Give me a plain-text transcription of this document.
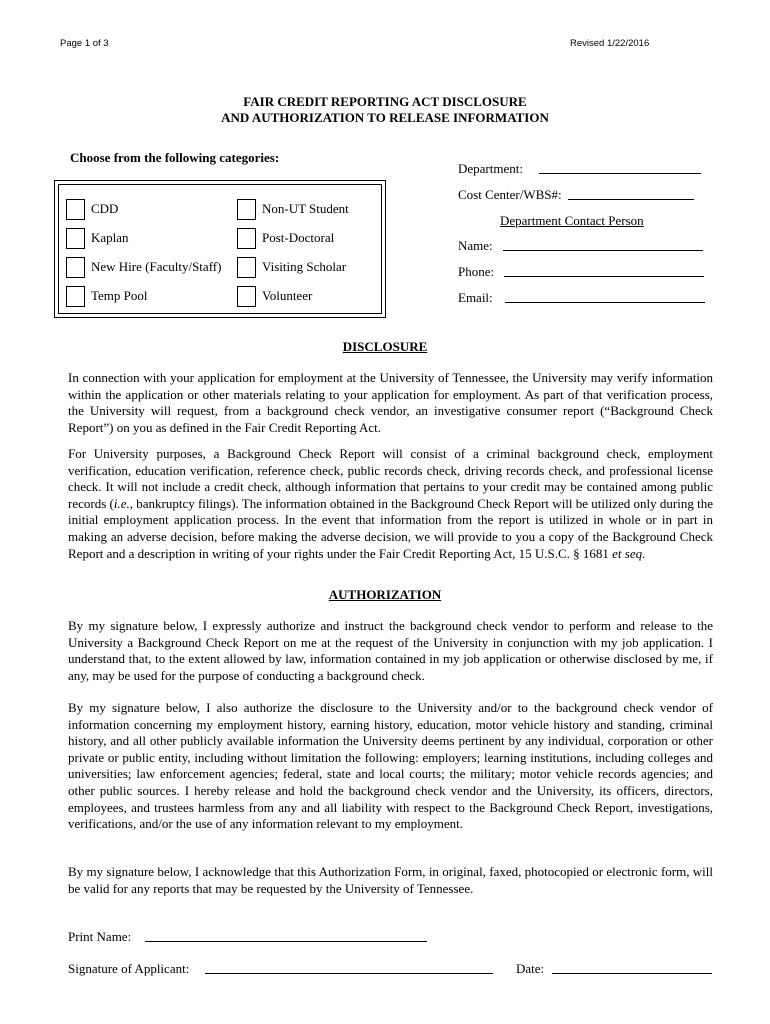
Page 1 of 3	Revised 1/22/2016
FAIR CREDIT REPORTING ACT DISCLOSURE
AND AUTHORIZATION TO RELEASE INFORMATION
Choose from the following categories:
CDD
Kaplan
New Hire (Faculty/Staff)
Temp Pool
Non-UT Student
Post-Doctoral
Visiting Scholar
Volunteer
Department:
Cost Center/WBS#:
Department Contact Person
Name:
Phone:
Email:
DISCLOSURE

In connection with your application for employment at the University of Tennessee, the University may verify information within the application or other materials relating to your application for employment. As part of that verification process, the University will request, from a background check vendor, an investigative consumer report (“Background Check Report”) on you as defined in the Fair Credit Reporting Act.

For University purposes, a Background Check Report will consist of a criminal background check, employment verification, education verification, reference check, public records check, driving records check, and professional license check. It will not include a credit check, although information that pertains to your credit may be contained among public records (i.e., bankruptcy filings). The information obtained in the Background Check Report will be utilized only during the initial employment application process. In the event that information from the report is utilized in whole or in part in making an adverse decision, before making the adverse decision, we will provide to you a copy of the Background Check Report and a description in writing of your rights under the Fair Credit Reporting Act, 15 U.S.C. § 1681 et seq.

AUTHORIZATION

By my signature below, I expressly authorize and instruct the background check vendor to perform and release to the University a Background Check Report on me at the request of the University in conjunction with my job application. I understand that, to the extent allowed by law, information contained in my job application or otherwise disclosed by me, if any, may be used for the purpose of conducting a background check.

By my signature below, I also authorize the disclosure to the University and/or to the background check vendor of information concerning my employment history, earning history, education, motor vehicle history and standing, criminal history, and all other publicly available information the University deems pertinent by any individual, corporation or other private or public entity, including without limitation the following: employers; learning institutions, including colleges and universities; law enforcement agencies; federal, state and local courts; the military; motor vehicle records agencies; and other public sources. I hereby release and hold the background check vendor and the University, its officers, directors, employees, and trustees harmless from any and all liability with respect to the Background Check Report, investigations, verifications, and/or the use of any information relevant to my employment.

By my signature below, I acknowledge that this Authorization Form, in original, faxed, photocopied or electronic form, will be valid for any reports that may be requested by the University of Tennessee.

Print Name:
Signature of Applicant:	Date:
